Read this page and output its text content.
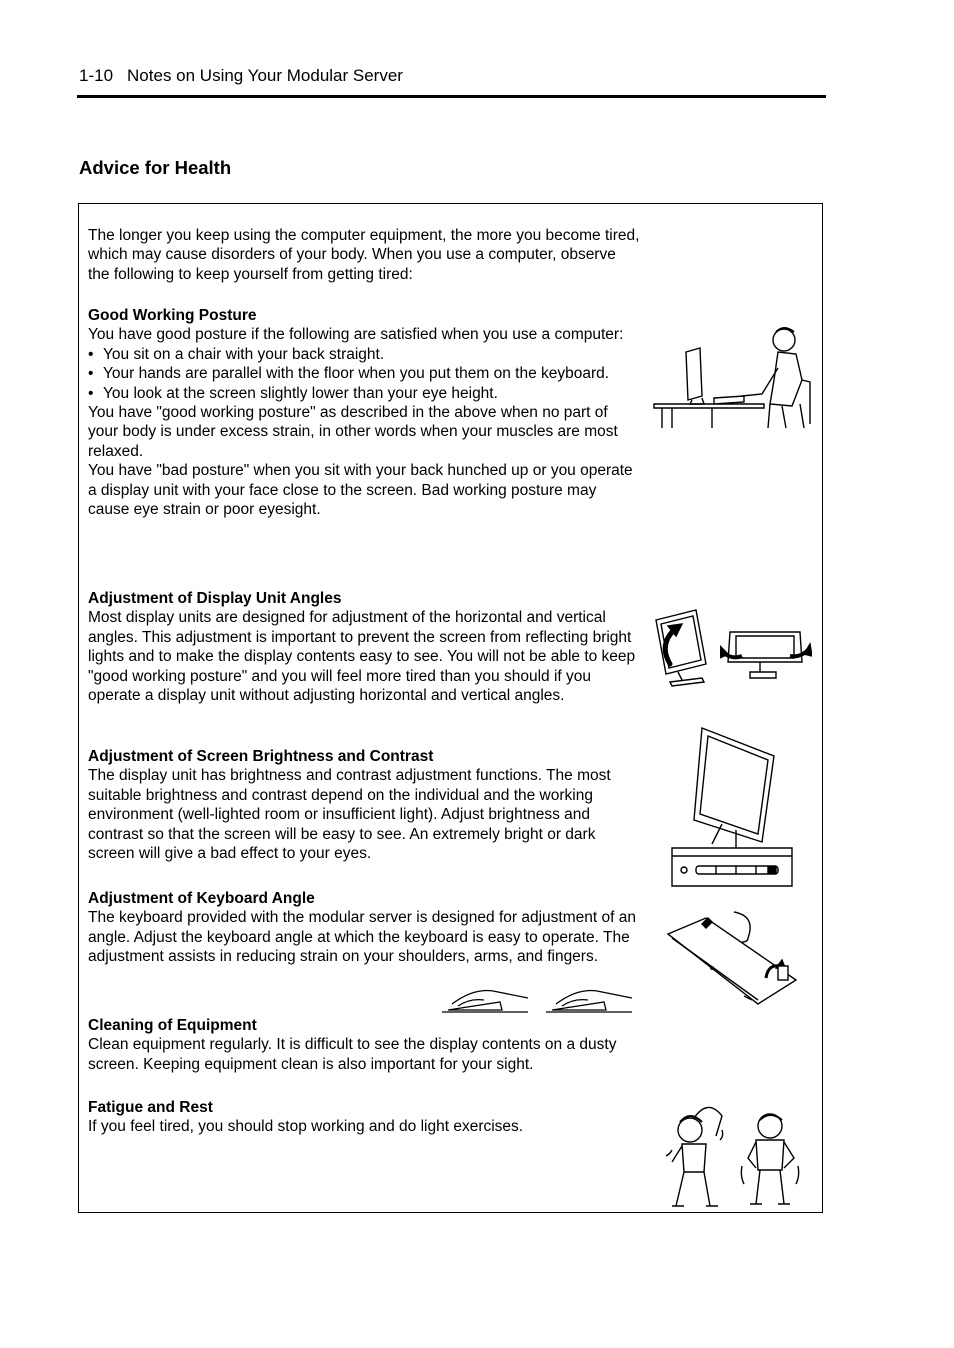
1-10 Notes on Using Your Modular Server
Advice for Health

The longer you keep using the computer equipment, the more you become tired, which may cause disorders of your body. When you use a computer, observe the following to keep yourself from getting tired:

Good Working Posture

You have good posture if the following are satisfied when you use a computer:

• You sit on a chair with your back straight.
• Your hands are parallel with the floor when you put them on the keyboard.
• You look at the screen slightly lower than your eye height.

You have "good working posture" as described in the above when no part of your body is under excess strain, in other words when your muscles are most relaxed.

You have "bad posture" when you sit with your back hunched up or you operate a display unit with your face close to the screen. Bad working posture may cause eye strain or poor eyesight.

Adjustment of Display Unit Angles

Most display units are designed for adjustment of the horizontal and vertical angles. This adjustment is important to prevent the screen from reflecting bright lights and to make the display contents easy to see. You will not be able to keep "good working posture" and you will feel more tired than you should if you operate a display unit without adjusting horizontal and vertical angles.

Adjustment of Screen Brightness and Contrast

The display unit has brightness and contrast adjustment functions. The most suitable brightness and contrast depend on the individual and the working environment (well-lighted room or insufficient light). Adjust brightness and contrast so that the screen will be easy to see. An extremely bright or dark screen will give a bad effect to your eyes.

Adjustment of Keyboard Angle

The keyboard provided with the modular server is designed for adjustment of an angle. Adjust the keyboard angle at which the keyboard is easy to operate. The adjustment assists in reducing strain on your shoulders, arms, and fingers.

Cleaning of Equipment

Clean equipment regularly. It is difficult to see the display contents on a dusty screen. Keeping equipment clean is also important for your sight.

Fatigue and Rest

If you feel tired, you should stop working and do light exercises.
